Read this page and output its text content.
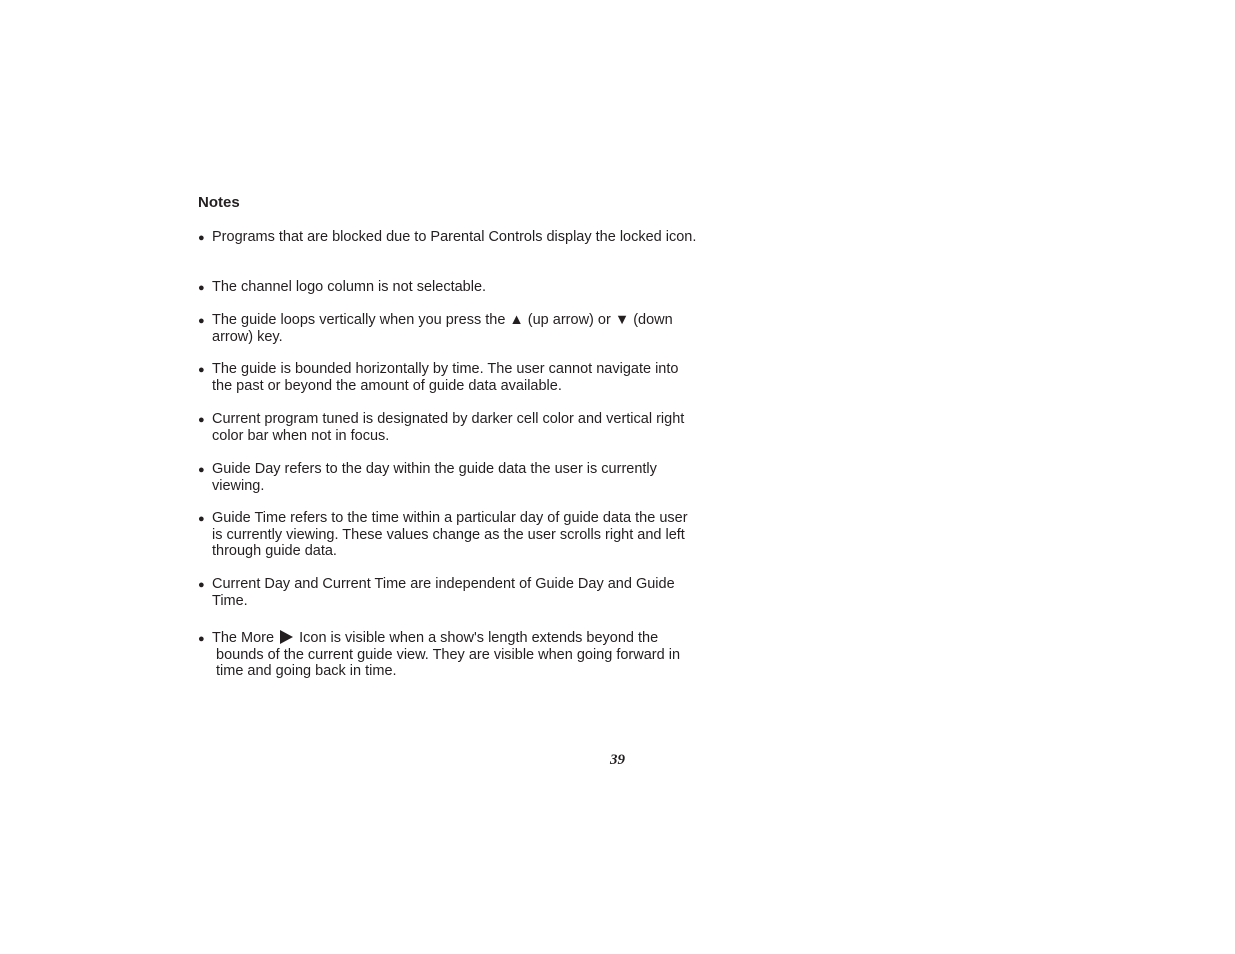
Notes
● Programs that are blocked due to Parental Controls display the locked icon.
● The channel logo column is not selectable.
● The guide loops vertically when you press the ▲ (up arrow) or ▼ (down arrow) key.
● The guide is bounded horizontally by time. The user cannot navigate into the past or beyond the amount of guide data available.
● Current program tuned is designated by darker cell color and vertical right color bar when not in focus.
● Guide Day refers to the day within the guide data the user is currently viewing.
● Guide Time refers to the time within a particular day of guide data the user is currently viewing. These values change as the user scrolls right and left through guide data.
● Current Day and Current Time are independent of Guide Day and Guide Time.
● The More Icon is visible when a show's length extends beyond the bounds of the current guide view. They are visible when going forward in time and going back in time.
39
